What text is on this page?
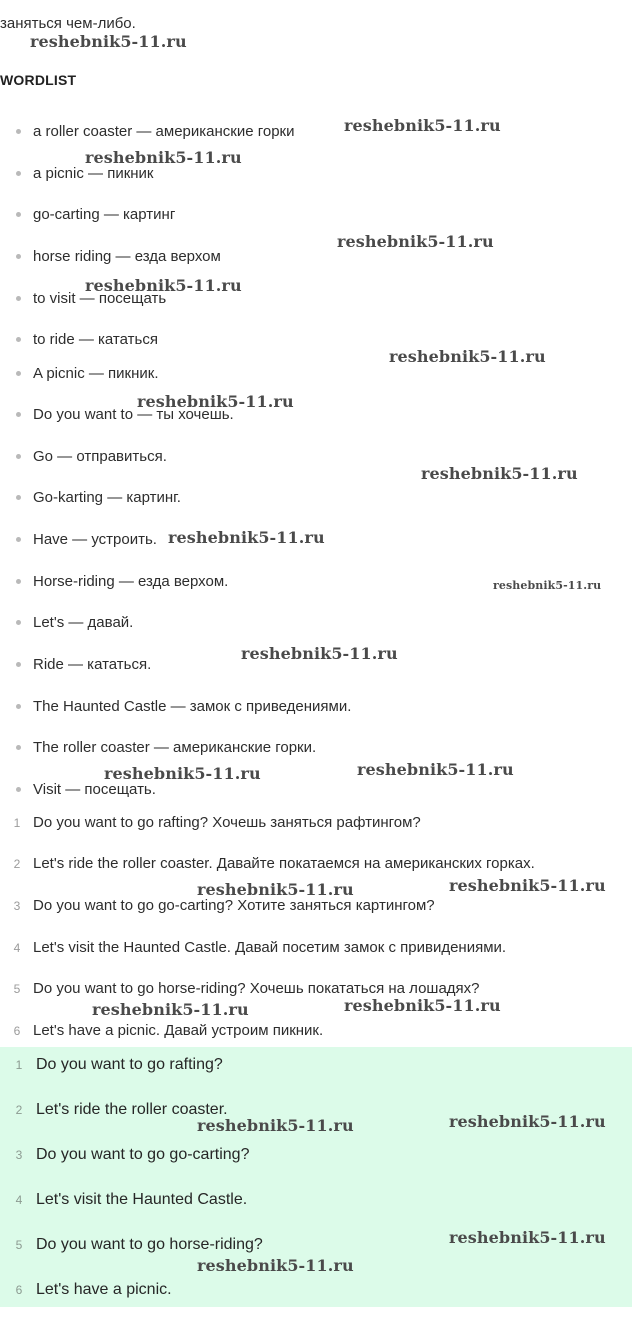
заняться чем-либо.
WORDLIST
a roller coaster — американские горки
a picnic — пикник
go-carting — картинг
horse riding — езда верхом
to visit — посещать
to ride — кататься
A picnic — пикник.
Do you want to — ты хочешь.
Go — отправиться.
Go-karting — картинг.
Have — устроить.
Horse-riding — езда верхом.
Let's — давай.
Ride — кататься.
The Haunted Castle — замок с приведениями.
The roller coaster — американские горки.
Visit — посещать.
1 Do you want to go rafting? Хочешь заняться рафтингом?
2 Let's ride the roller coaster. Давайте покатаемся на американских горках.
3 Do you want to go go-carting? Хотите заняться картингом?
4 Let's visit the Haunted Castle. Давай посетим замок с привидениями.
5 Do you want to go horse-riding? Хочешь покататься на лошадях?
6 Let's have a picnic. Давай устроим пикник.
1 Do you want to go rafting?
2 Let's ride the roller coaster.
3 Do you want to go go-carting?
4 Let's visit the Haunted Castle.
5 Do you want to go horse-riding?
6 Let's have a picnic.
reshebnik5-11.ru
reshebnik5-11.ru
reshebnik5-11.ru
reshebnik5-11.ru
reshebnik5-11.ru
reshebnik5-11.ru
reshebnik5-11.ru
reshebnik5-11.ru
reshebnik5-11.ru
reshebnik5-11.ru
reshebnik5-11.ru
reshebnik5-11.ru	reshebnik5-11.ru
reshebnik5-11.ru	reshebnik5-11.ru
reshebnik5-11.ru	reshebnik5-11.ru
reshebnik5-11.ru	reshebnik5-11.ru
reshebnik5-11.ru
reshebnik5-11.ru
